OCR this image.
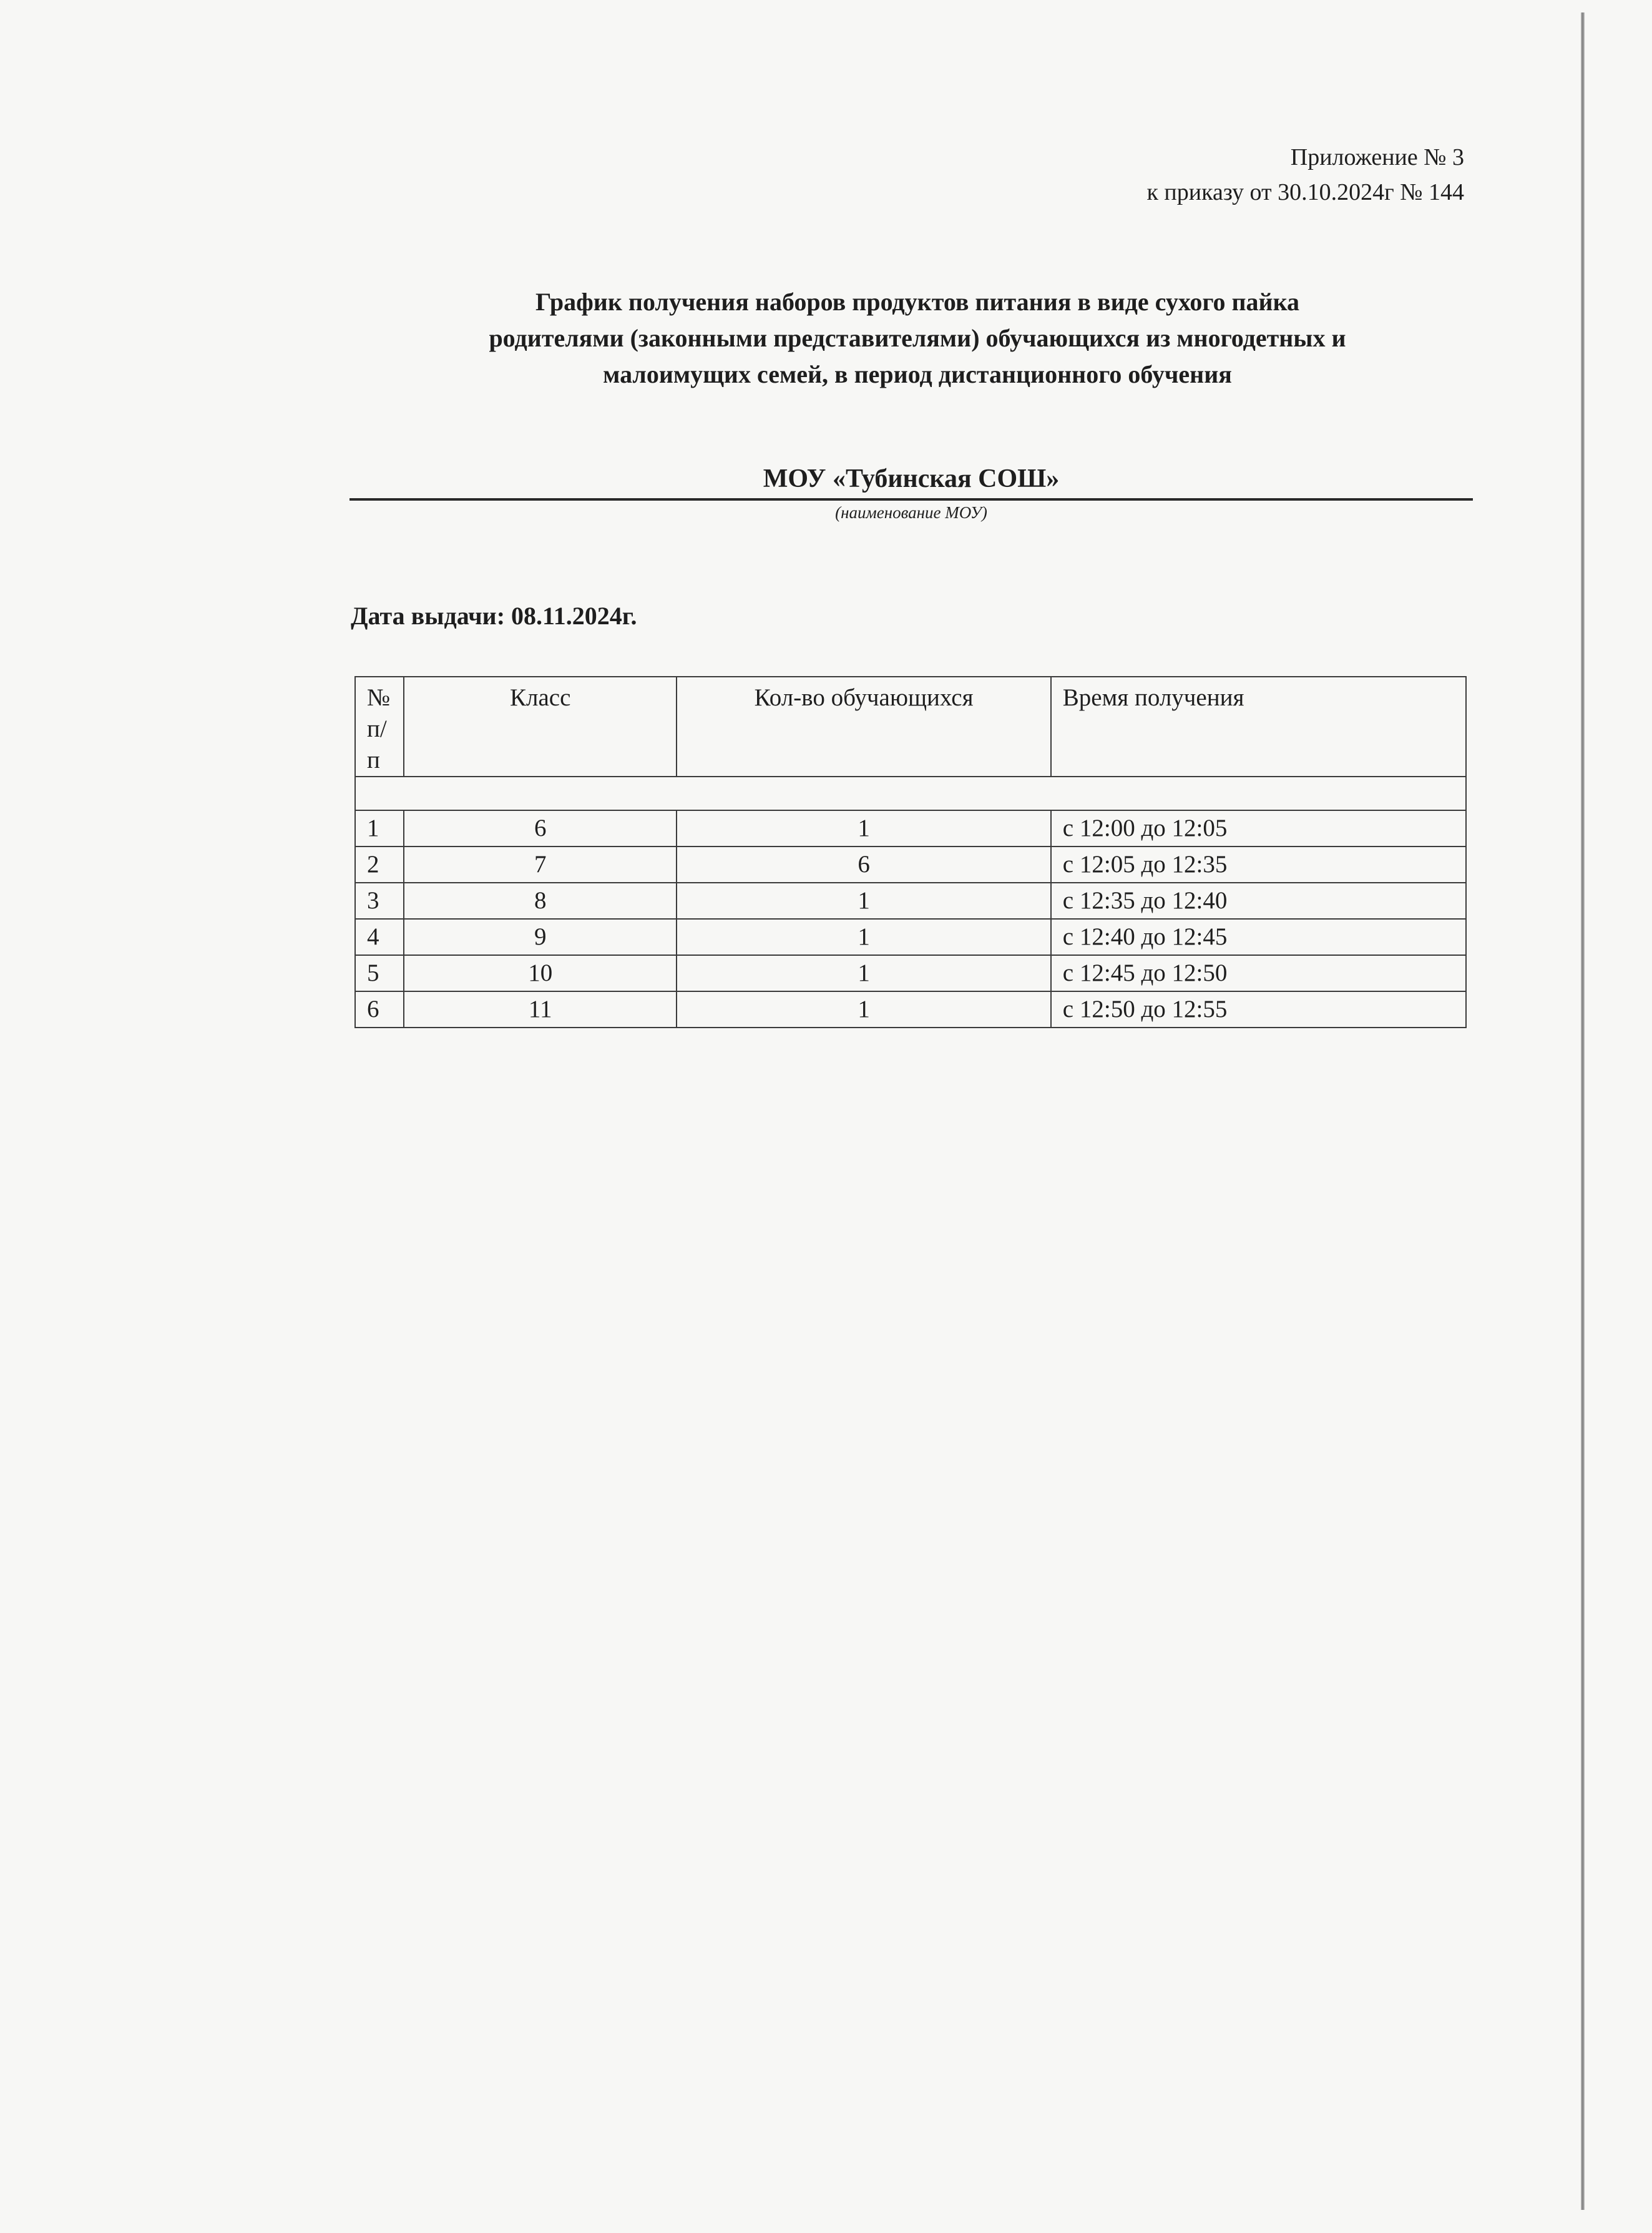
Приложение № 3
к приказу от 30.10.2024г № 144
График получения наборов продуктов питания в виде сухого пайка
родителями (законными представителями) обучающихся из многодетных и
малоимущих семей, в период дистанционного обучения
МОУ «Тубинская СОШ»
(наименование МОУ)
Дата выдачи: 08.11.2024г.
№
п/п	Класс	Кол-во обучающихся	Время получения

1	6	1	с 12:00 до 12:05
2	7	6	с 12:05 до 12:35
3	8	1	с 12:35 до 12:40
4	9	1	с 12:40 до 12:45
5	10	1	с 12:45 до 12:50
6	11	1	с 12:50 до 12:55
